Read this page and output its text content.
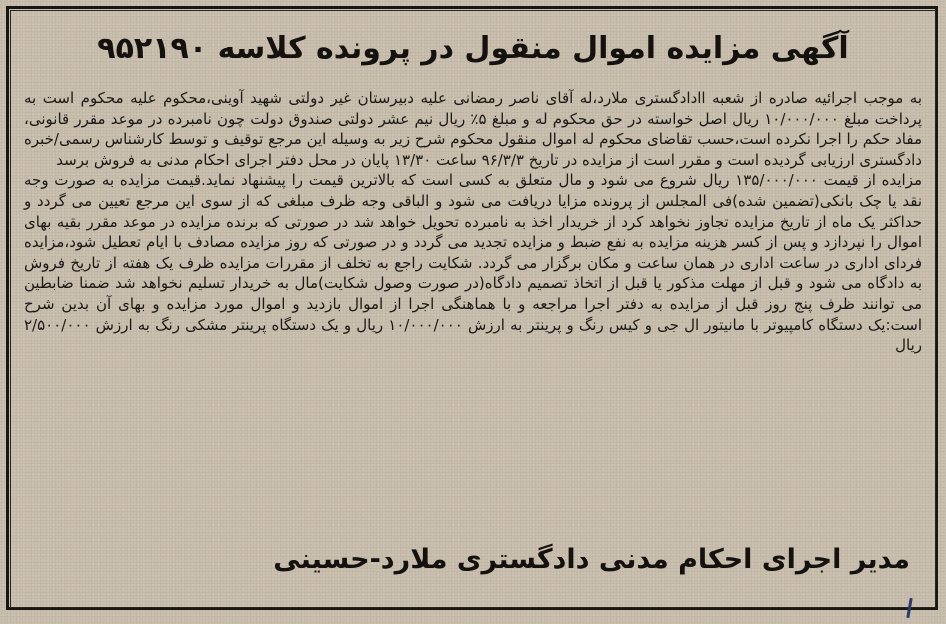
آگهی مزایده اموال منقول در پرونده کلاسه ۹۵۲۱۹۰

به موجب اجرائیه صادره از شعبه اادادگستری ملارد،له آقای ناصر رمضانی علیه دبیرستان غیر دولتی شهید آوینی،محکوم علیه محکوم است به پرداخت مبلغ ۱۰/۰۰۰/۰۰۰ ریال اصل خواسته در حق محکوم له و مبلغ ۵٪ ریال نیم عشر دولتی صندوق دولت چون نامبرده در موعد مقرر قانونی، مفاد حکم را اجرا نکرده است،حسب تقاضای محکوم له اموال منقول محکوم شرح زیر به وسیله این مرجع توقیف و توسط کارشناس رسمی/خبره دادگستری ارزیابی گردیده است و مقرر است از مزایده در تاریخ ۹۶/۳/۳ ساعت ۱۳/۳۰ پایان در محل دفتر اجرای احکام مدنی به فروش برسد

مزایده از قیمت ۱۳۵/۰۰۰/۰۰۰ ریال شروع می شود و مال متعلق به کسی است که بالاترین قیمت را پیشنهاد نماید.قیمت مزایده به صورت وجه نقد یا چک بانکی(تضمین شده)فی المجلس از پرونده مزایا دریافت می شود و الباقی وجه ظرف مبلغی که از سوی این مرجع تعیین می گردد و حداکثر یک ماه از تاریخ مزایده تجاوز نخواهد کرد از خریدار اخذ به نامبرده تحویل خواهد شد در صورتی که برنده مزایده در موعد مقرر بقیه بهای اموال را نپردازد و پس از کسر هزینه مزایده به نفع ضبط و مزایده تجدید می گردد و در صورتی که روز مزایده مصادف با ایام تعطیل شود،مزایده فردای اداری در ساعت اداری در همان ساعت و مکان برگزار می گردد. شکایت راجع به تخلف از مقررات مزایده ظرف یک هفته از تاریخ فروش به دادگاه می شود و قبل از مهلت مذکور یا قبل از اتخاذ تصمیم دادگاه(در صورت وصول شکایت)مال به خریدار تسلیم نخواهد شد ضمنا ضابطین می توانند ظرف پنج روز قبل از مزایده به دفتر اجرا مراجعه و با هماهنگی اجرا از اموال بازدید و اموال مورد مزایده و بهای آن بدین شرح است:یک دستگاه کامپیوتر با مانیتور ال جی و کیس رنگ و پرینتر به ارزش ۱۰/۰۰۰/۰۰۰ ریال و یک دستگاه پرینتر مشکی رنگ به ارزش ۲/۵۰۰/۰۰۰ ریال

مدیر اجرای احکام مدنی دادگستری ملارد-حسینی
